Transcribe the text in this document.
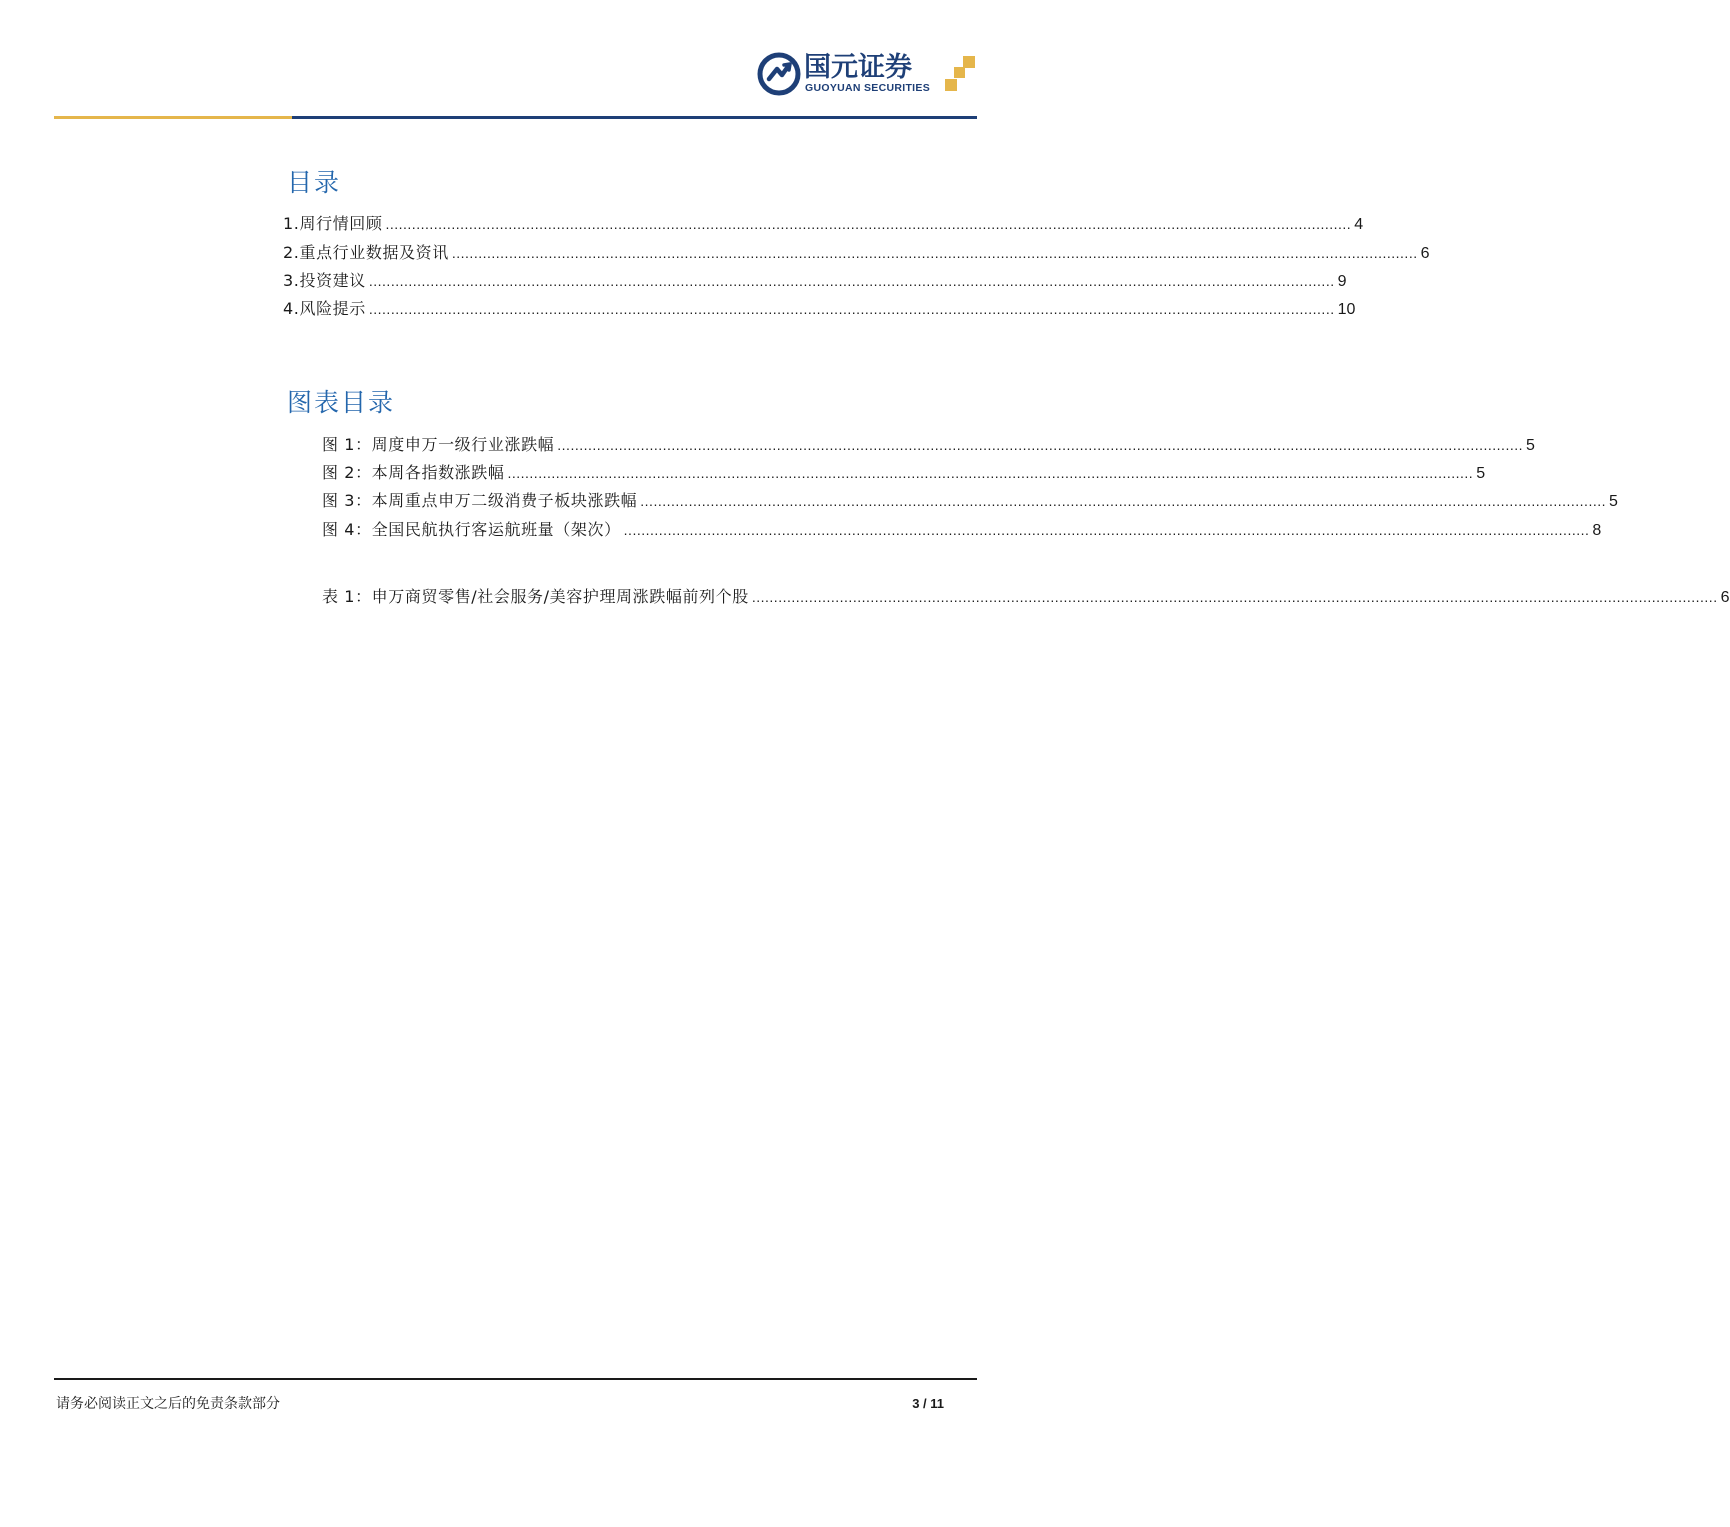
国元证券
GUOYUAN SECURITIES
目录
1.周行情回顾 ............................................................................................................................................................................................................................ 4
2.重点行业数据及资讯 ............................................................................................................................................................................................................................ 6
3.投资建议 ............................................................................................................................................................................................................................ 9
4.风险提示 ............................................................................................................................................................................................................................ 10
图表目录
图 1：周度申万一级行业涨跌幅 ............................................................................................................................................................................................................................ 5
图 2：本周各指数涨跌幅 ............................................................................................................................................................................................................................ 5
图 3：本周重点申万二级消费子板块涨跌幅 ............................................................................................................................................................................................................................ 5
图 4：全国民航执行客运航班量（架次） ............................................................................................................................................................................................................................ 8
表 1：申万商贸零售/社会服务/美容护理周涨跌幅前列个股 ............................................................................................................................................................................................................................ 6
请务必阅读正文之后的免责条款部分	3 / 11
